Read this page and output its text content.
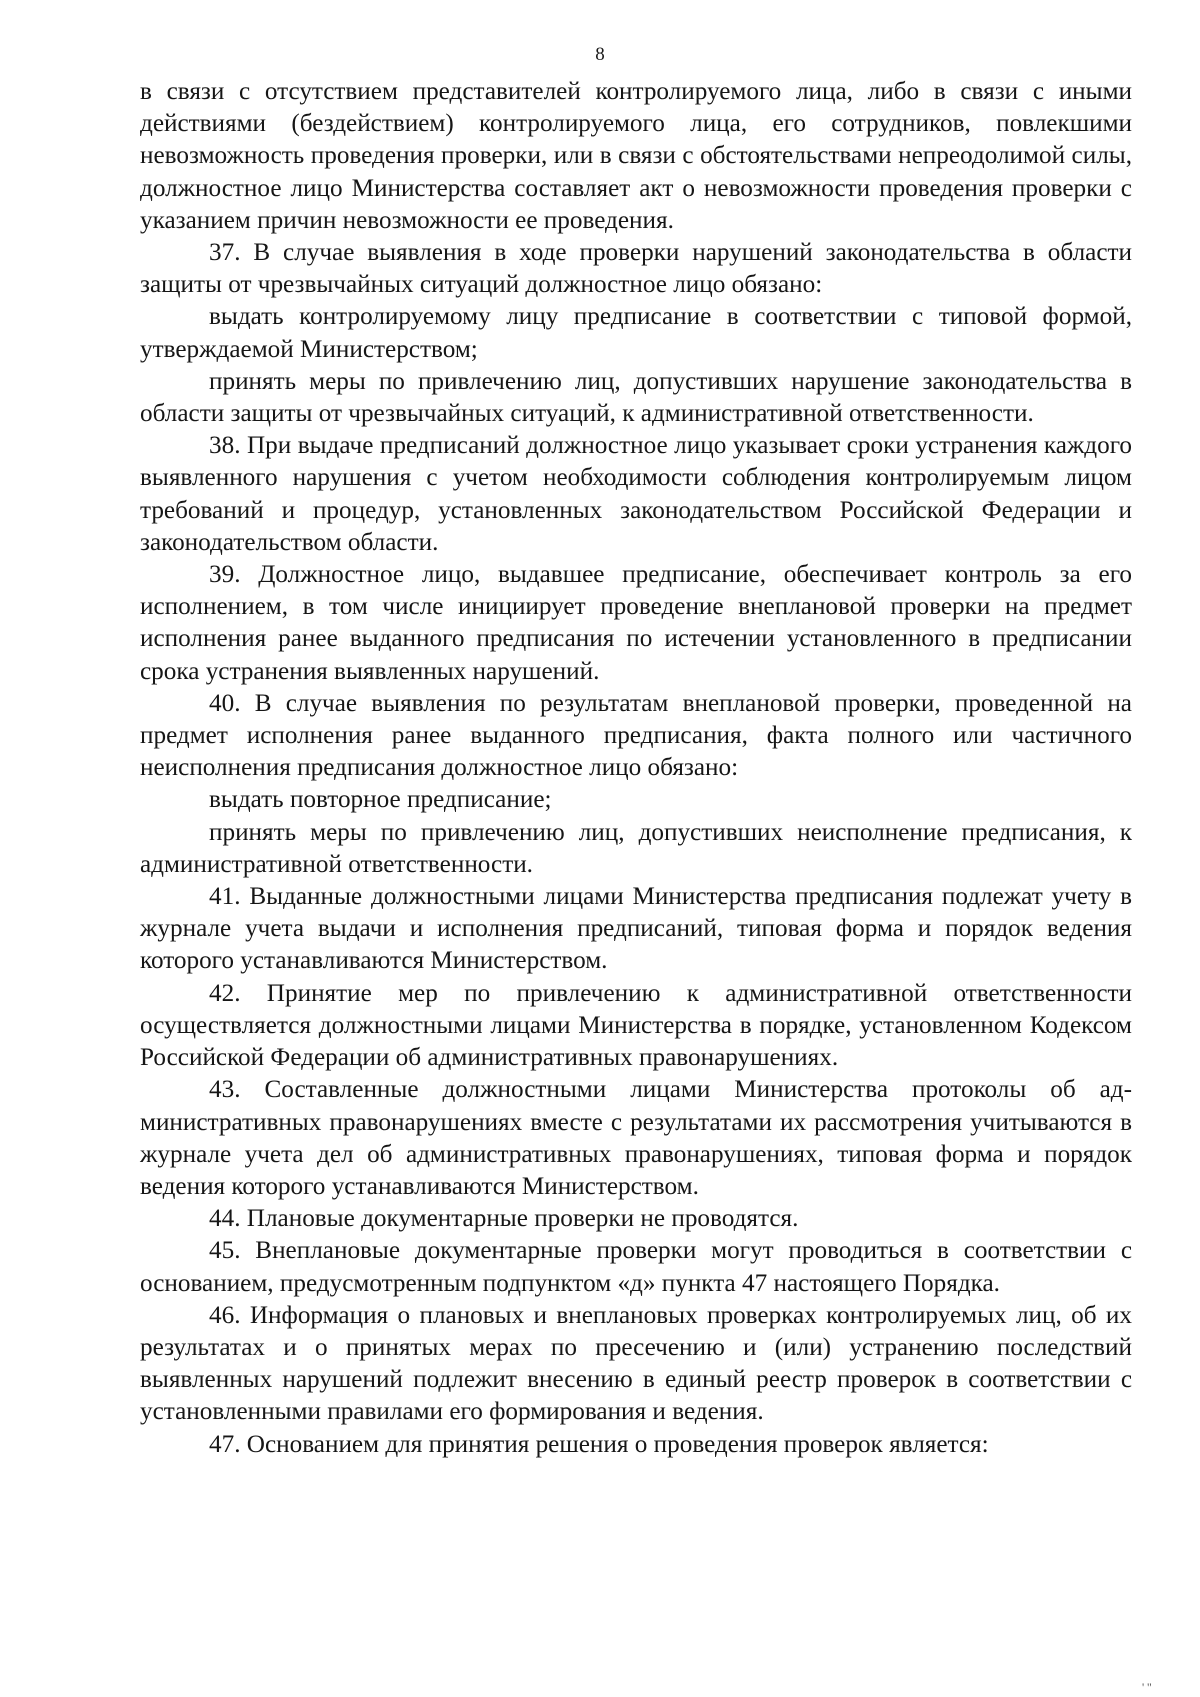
8

в связи с отсутствием представителей контролируемого лица, либо в связи с иными действиями (бездействием) контролируемого лица, его сотрудников, повлекшими невозможность проведения проверки, или в связи с обстоятельствами непреодолимой силы, должностное лицо Министерства составляет акт о невозможности проведения проверки с указанием причин невозможности ее проведения.

37. В случае выявления в ходе проверки нарушений законодательства в области защиты от чрезвычайных ситуаций должностное лицо обязано:

выдать контролируемому лицу предписание в соответствии с типовой формой, утверждаемой Министерством;

принять меры по привлечению лиц, допустивших нарушение законодательства в области защиты от чрезвычайных ситуаций, к административной ответственности.

38. При выдаче предписаний должностное лицо указывает сроки устранения каждого выявленного нарушения с учетом необходимости соблюдения контролируемым лицом требований и процедур, установленных законодательством Российской Федерации и законодательством области.

39. Должностное лицо, выдавшее предписание, обеспечивает контроль за его исполнением, в том числе инициирует проведение внеплановой проверки на предмет исполнения ранее выданного предписания по истечении установленного в предписании срока устранения выявленных нарушений.

40. В случае выявления по результатам внеплановой проверки, проведенной на предмет исполнения ранее выданного предписания, факта полного или частичного неисполнения предписания должностное лицо обязано:

выдать повторное предписание;

принять меры по привлечению лиц, допустивших неисполнение предписания, к административной ответственности.

41. Выданные должностными лицами Министерства предписания подлежат учету в журнале учета выдачи и исполнения предписаний, типовая форма и порядок ведения которого устанавливаются Министерством.

42. Принятие мер по привлечению к административной ответственности осуществляется должностными лицами Министерства в порядке, установленном Кодексом Российской Федерации об административных правонарушениях.

43. Составленные должностными лицами Министерства протоколы об административных правонарушениях вместе с результатами их рассмотрения учитываются в журнале учета дел об административных правонарушениях, типовая форма и порядок ведения которого устанавливаются Министерством.

44. Плановые документарные проверки не проводятся.

45. Внеплановые документарные проверки могут проводиться в соответствии с основанием, предусмотренным подпунктом «д» пункта 47 настоящего Порядка.

46. Информация о плановых и внеплановых проверках контролируемых лиц, об их результатах и о принятых мерах по пресечению и (или) устранению последствий выявленных нарушений подлежит внесению в единый реестр проверок в соответствии с установленными правилами его формирования и ведения.

47. Основанием для принятия решения о проведения проверок является:

' ''
